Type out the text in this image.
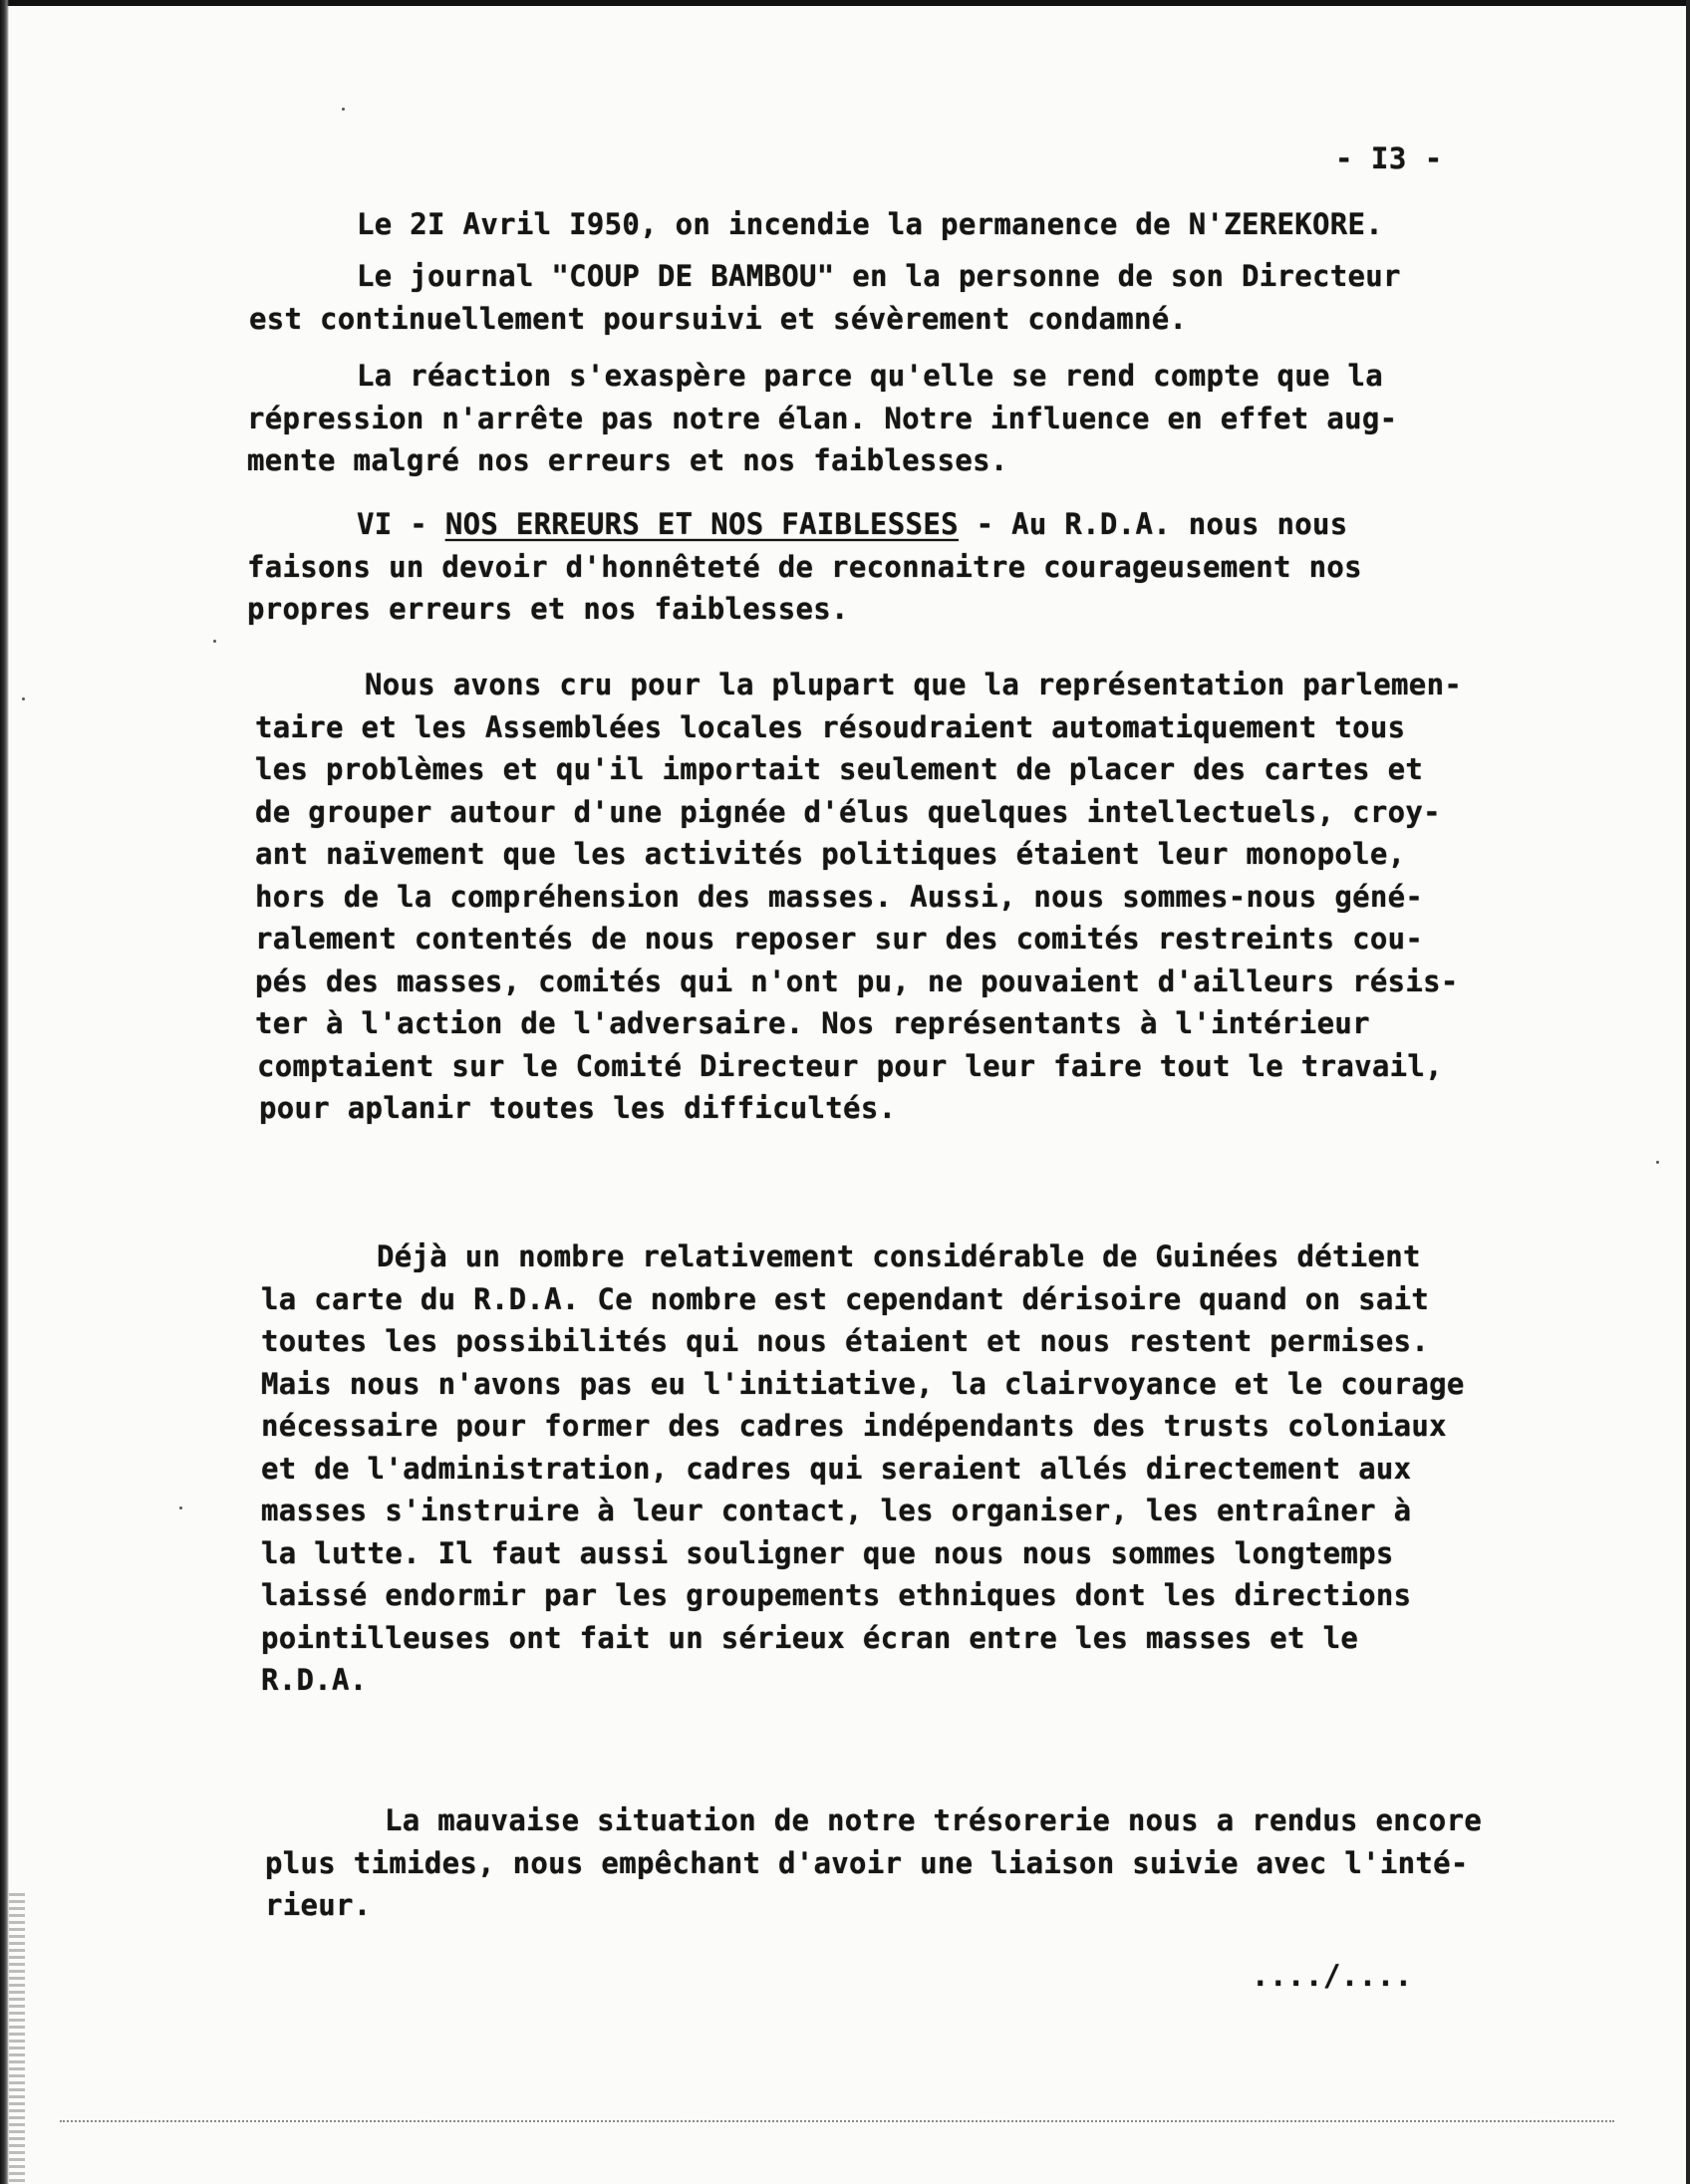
- I3 -
Le 2I Avril I950, on incendie la permanence de N'ZEREKORE.
Le journal "COUP DE BAMBOU" en la personne de son Directeur
est continuellement poursuivi et sévèrement condamné.
La réaction s'exaspère parce qu'elle se rend compte que la
répression n'arrête pas notre élan. Notre influence en effet aug-
mente malgré nos erreurs et nos faiblesses.
VI - NOS ERREURS ET NOS FAIBLESSES - Au R.D.A. nous nous
faisons un devoir d'honnêteté de reconnaitre courageusement nos
propres erreurs et nos faiblesses.
Nous avons cru pour la plupart que la représentation parlemen-
taire et les Assemblées locales résoudraient automatiquement tous
les problèmes et qu'il importait seulement de placer des cartes et
de grouper autour d'une pignée d'élus quelques intellectuels, croy-
ant naïvement que les activités politiques étaient leur monopole,
hors de la compréhension des masses. Aussi, nous sommes-nous géné-
ralement contentés de nous reposer sur des comités restreints cou-
pés des masses, comités qui n'ont pu, ne pouvaient d'ailleurs résis-
ter à l'action de l'adversaire. Nos représentants à l'intérieur
comptaient sur le Comité Directeur pour leur faire tout le travail,
pour aplanir toutes les difficultés.
Déjà un nombre relativement considérable de Guinées détient
la carte du R.D.A. Ce nombre est cependant dérisoire quand on sait
toutes les possibilités qui nous étaient et nous restent permises.
Mais nous n'avons pas eu l'initiative, la clairvoyance et le courage
nécessaire pour former des cadres indépendants des trusts coloniaux
et de l'administration, cadres qui seraient allés directement aux
masses s'instruire à leur contact, les organiser, les entraîner à
la lutte. Il faut aussi souligner que nous nous sommes longtemps
laissé endormir par les groupements ethniques dont les directions
pointilleuses ont fait un sérieux écran entre les masses et le
R.D.A.
La mauvaise situation de notre trésorerie nous a rendus encore
plus timides, nous empêchant d'avoir une liaison suivie avec l'inté-
rieur.
..../....
